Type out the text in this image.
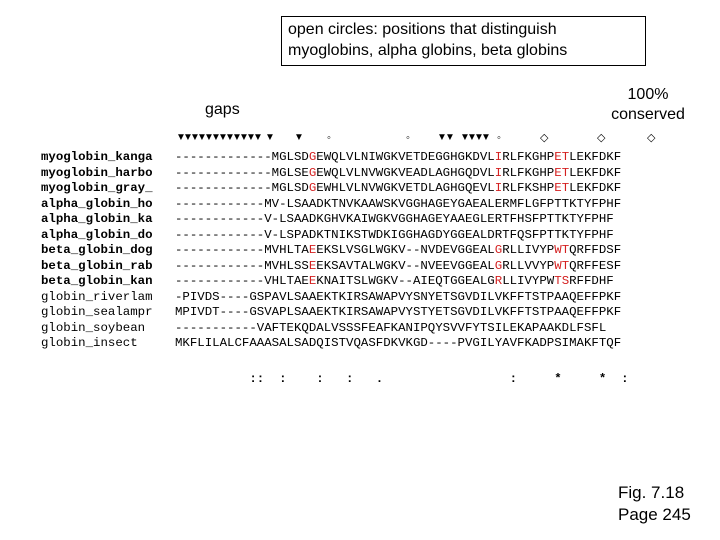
open circles: positions that distinguish
myoglobins, alpha globins, beta globins
gaps
100%
conserved
▼
▼
▼
▼
▼
▼
▼
▼
▼
▼
▼
▼ ▼ ▼ ◦	◦	▼
▼ ▼
▼
▼
▼ ◦	◇	◇	◇
myoglobin_kanga -------------MGLSDGEWQLVLNIWGKVETDEGGHGKDVLIRLFKGHPETLEKFDKF
myoglobin_harbo -------------MGLSEGEWQLVLNVWGKVEADLAGHGQDVLIRLFKGHPETLEKFDKF
myoglobin_gray_ -------------MGLSDGEWHLVLNVWGKVETDLAGHGQEVLIRLFKSHPETLEKFDKF
alpha_globin_ho ------------MV-LSAADKTNVKAAWSKVGGHAGEYGAEALERMFLGFPTTKTYFPHF
alpha_globin_ka ------------V-LSAADKGHVKAIWGKVGGHAGEYAAEGLERTFHSFPTTKTYFPHF
alpha_globin_do ------------V-LSPADKTNIKSTWDKIGGHAGDYGGEALDRTFQSFPTTKTYFPHF
beta_globin_dog ------------MVHLTAEEKSLVSGLWGKV--NVDEVGGEALGRLLIVYPWTQRFFDSF
beta_globin_rab ------------MVHLSSEEKSAVTALWGKV--NVEEVGGEALGRLLVVYPWTQRFFESF
beta_globin_kan ------------VHLTAEEKNAITSLWGKV--AIEQTGGEALGRLLIVYPWTSRFFDHF
globin_riverlam -PIVDS----GSPAVLSAAEKTKIRSAWAPVYSNYETSGVDILVKFFTSTPAAQEFFPKF
globin_sealampr MPIVDT----GSVAPLSAAEKTKIRSAWAPVYSTYETSGVDILVKFFTSTPAAQEFFPKF
globin_soybean -----------VAFTEKQDALVSSSFEAFKANIPQYSVVFYTSILEKAPAAKDLFSFL
globin_insect	MKFLILALCFAAASALSADQISTVQASFDKVKGD----PVGILYAVFKADPSIMAKFTQF
::  :    :   :   .                 :     *     *  :
Fig. 7.18
Page 245
